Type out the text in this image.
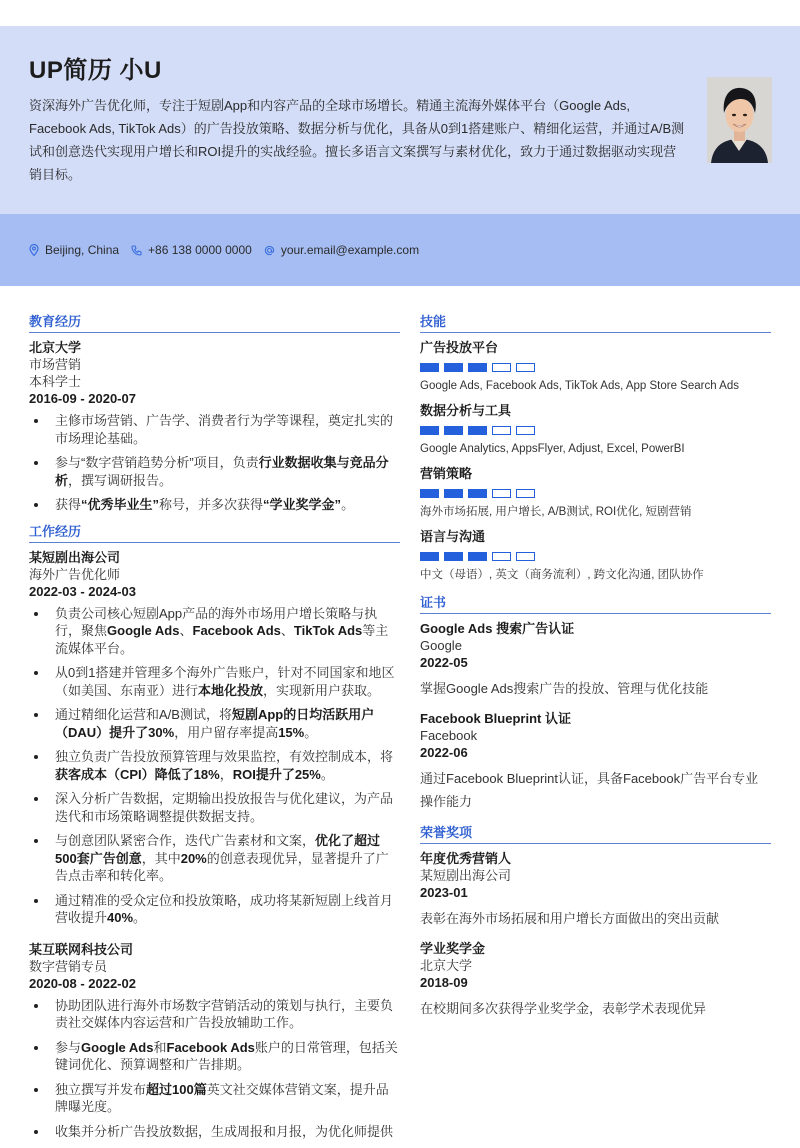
UP简历 小U
资深海外广告优化师，专注于短剧App和内容产品的全球市场增长。精通主流海外媒体平台（Google Ads, Facebook Ads, TikTok Ads）的广告投放策略、数据分析与优化，具备从0到1搭建账户、精细化运营，并通过A/B测试和创意迭代实现用户增长和ROI提升的实战经验。擅长多语言文案撰写与素材优化，致力于通过数据驱动实现营销目标。
Beijing, China +86 138 0000 0000 your.email@example.com
教育经历
北京大学
市场营销
本科学士
2016-09 - 2020-07
主修市场营销、广告学、消费者行为学等课程，奠定扎实的市场理论基础。
参与“数字营销趋势分析”项目，负责行业数据收集与竞品分析，撰写调研报告。
获得“优秀毕业生”称号，并多次获得“学业奖学金”。
工作经历
某短剧出海公司
海外广告优化师
2022-03 - 2024-03
负责公司核心短剧App产品的海外市场用户增长策略与执行，聚焦Google Ads、Facebook Ads、TikTok Ads等主流媒体平台。
从0到1搭建并管理多个海外广告账户，针对不同国家和地区（如美国、东南亚）进行本地化投放，实现新用户获取。
通过精细化运营和A/B测试，将短剧App的日均活跃用户（DAU）提升了30%，用户留存率提高15%。
独立负责广告投放预算管理与效果监控，有效控制成本，将获客成本（CPI）降低了18%，ROI提升了25%。
深入分析广告数据，定期输出投放报告与优化建议，为产品迭代和市场策略调整提供数据支持。
与创意团队紧密合作，迭代广告素材和文案，优化了超过500套广告创意，其中20%的创意表现优异，显著提升了广告点击率和转化率。
通过精准的受众定位和投放策略，成功将某新短剧上线首月营收提升40%。
某互联网科技公司
数字营销专员
2020-08 - 2022-02
协助团队进行海外市场数字营销活动的策划与执行，主要负责社交媒体内容运营和广告投放辅助工作。
参与Google Ads和Facebook Ads账户的日常管理，包括关键词优化、预算调整和广告排期。
独立撰写并发布超过100篇英文社交媒体营销文案，提升品牌曝光度。
收集并分析广告投放数据，生成周报和月报，为优化师提供
技能
广告投放平台
Google Ads, Facebook Ads, TikTok Ads, App Store Search Ads
数据分析与工具
Google Analytics, AppsFlyer, Adjust, Excel, PowerBI
营销策略
海外市场拓展, 用户增长, A/B测试, ROI优化, 短剧营销
语言与沟通
中文（母语）, 英文（商务流利）, 跨文化沟通, 团队协作
证书
Google Ads 搜索广告认证
Google
2022-05
掌握Google Ads搜索广告的投放、管理与优化技能
Facebook Blueprint 认证
Facebook
2022-06
通过Facebook Blueprint认证，具备Facebook广告平台专业操作能力
荣誉奖项
年度优秀营销人
某短剧出海公司
2023-01
表彰在海外市场拓展和用户增长方面做出的突出贡献
学业奖学金
北京大学
2018-09
在校期间多次获得学业奖学金，表彰学术表现优异
